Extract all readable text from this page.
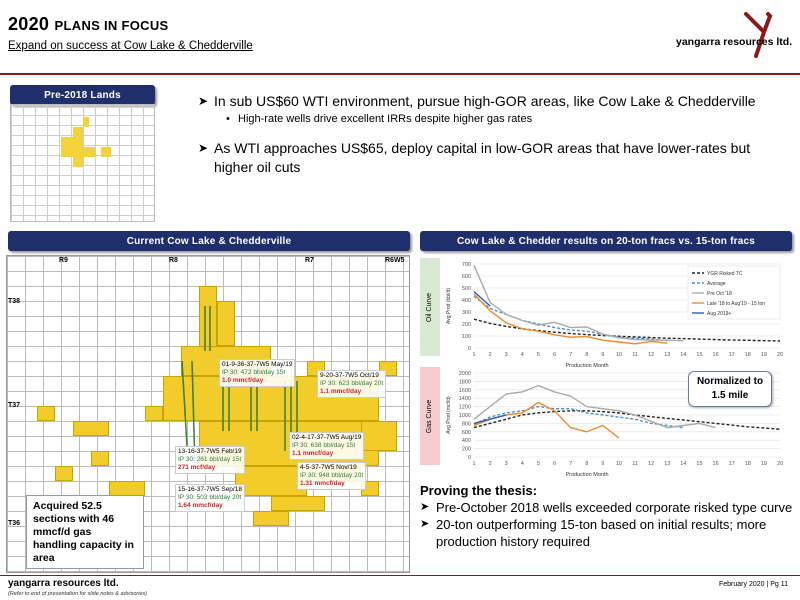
2020 PLANS IN FOCUS
Expand on success at Cow Lake & Chedderville	yangarra resources ltd.
Pre-2018 Lands	➤ In sub US$60 WTI environment, pursue high-GOR areas, like Cow Lake & Chedderville
• High-rate wells drive excellent IRRs despite higher gas rates
➤ As WTI approaches US$65, deploy capital in low-GOR areas that have lower-rates but higher oil cuts
Current Cow Lake & Chedderville
R9	R8	R7	R6W5
T38
T37
T36
01-9-36-37-7W5 May/19
IP 30: 472 bbl/day 15t
1.0 mmcf/day
9-20-37-7W5 Oct/19
IP 30: 623 bbl/day 20t
1.1 mmcf/day
02-4-17-37-7W5 Aug/19
IP 30: 638 bbl/day 15t
1.1 mmcf/day
13-16-37-7W5 Feb/19
IP 30: 261 bbl/day 15t
271 mcf/day	4-5-37-7W5 Nov/19
IP 30: 948 bbl/day 20t
1.31 mmcf/day
15-16-37-7W5 Sep/18
IP 30: 503 bbl/day 20t
1.64 mmcf/day
Acquired 52.5 sections with 46 mmcf/d gas handling capacity in area
Cow Lake & Chedder results on 20-ton fracs vs. 15-ton fracs
Oil Curve
Gas Curve
0
100
200
300
400
500
600
700
1 2 3 4 5 6 7 8 9 10 11 12 13 14 15 16 17 18 19 20
Production Month
Avg Prod (bbl/d)
YGR Risked TC
Average
Pre Oct '18
Late '18 to Aug'19 - 15 ton
Aug 2019+
0
200
400
600
800
1000
1200
1400
1600
1800
2000
1 2 3 4 5 6 7 8 9 10 11 12 13 14 15 16 17 18 19 20
Production Month
Avg Prod (mcf/d)
Normalized to 1.5 mile
Proving the thesis:
➤ Pre-October 2018 wells exceeded corporate risked type curve
➤ 20-ton outperforming 15-ton based on initial results; more production history required
yangarra resources ltd.
(Refer to end of presentation for slide notes & advisories)
February 2020 | Pg 11
